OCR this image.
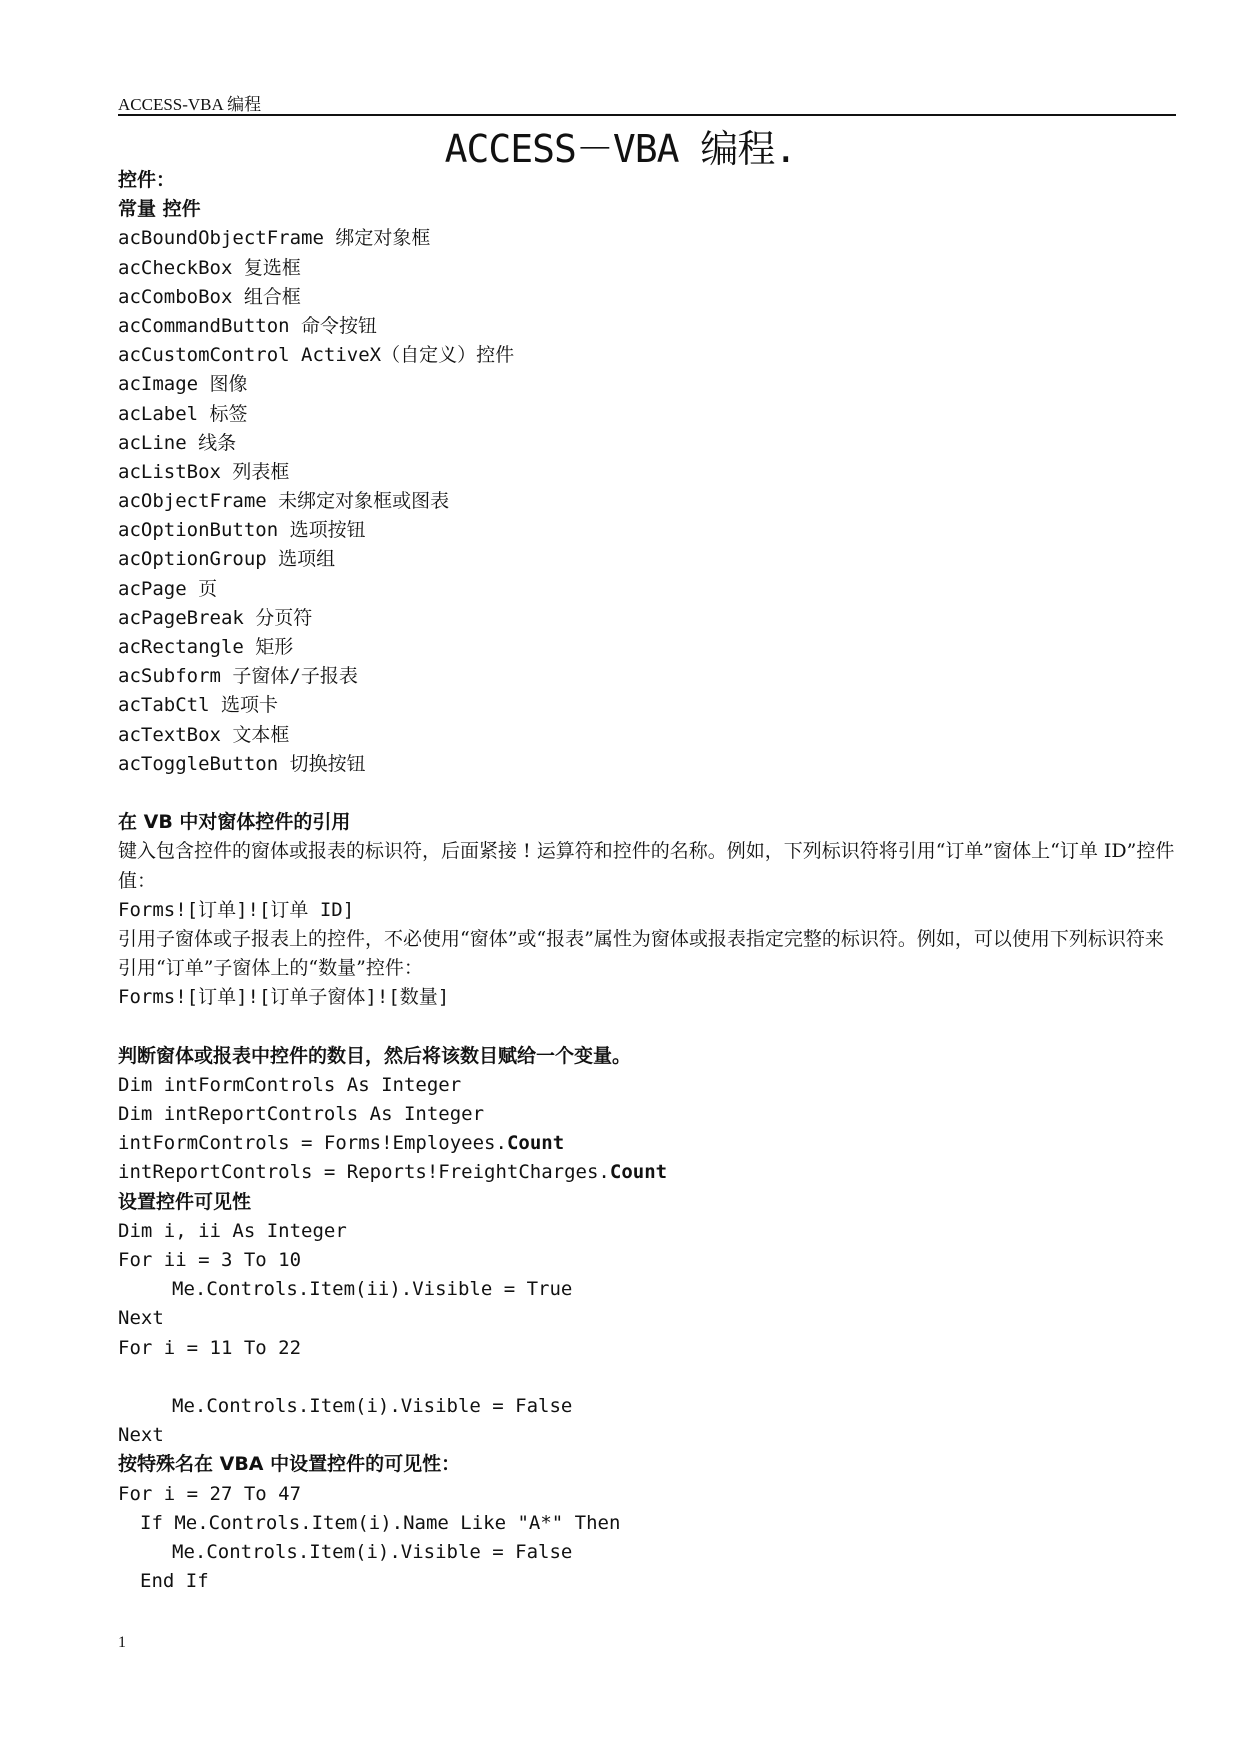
ACCESS-VBA 编程
ACCESS－VBA 编程.
控件：
常量 控件
acBoundObjectFrame 绑定对象框
acCheckBox 复选框
acComboBox 组合框
acCommandButton 命令按钮
acCustomControl ActiveX（自定义）控件
acImage 图像
acLabel 标签
acLine 线条
acListBox 列表框
acObjectFrame 未绑定对象框或图表
acOptionButton 选项按钮
acOptionGroup 选项组
acPage 页
acPageBreak 分页符
acRectangle 矩形
acSubform 子窗体/子报表
acTabCtl 选项卡
acTextBox 文本框
acToggleButton 切换按钮
在 VB 中对窗体控件的引用
键入包含控件的窗体或报表的标识符，后面紧接 ! 运算符和控件的名称。例如，下列标识符将引用“订单”窗体上“订单 ID”控件值：
Forms![订单]![订单 ID]
引用子窗体或子报表上的控件，不必使用“窗体”或“报表”属性为窗体或报表指定完整的标识符。例如，可以使用下列标识符来引用“订单”子窗体上的“数量”控件：
Forms![订单]![订单子窗体]![数量]
判断窗体或报表中控件的数目，然后将该数目赋给一个变量。
Dim intFormControls As Integer
Dim intReportControls As Integer
intFormControls = Forms!Employees.Count
intReportControls = Reports!FreightCharges.Count
设置控件可见性
Dim i, ii As Integer
For ii = 3 To 10
Me.Controls.Item(ii).Visible = True
Next
For i = 11 To 22
Me.Controls.Item(i).Visible = False
Next
按特殊名在 VBA 中设置控件的可见性：
For i = 27 To 47
If Me.Controls.Item(i).Name Like "A*" Then
Me.Controls.Item(i).Visible = False
End If
1
